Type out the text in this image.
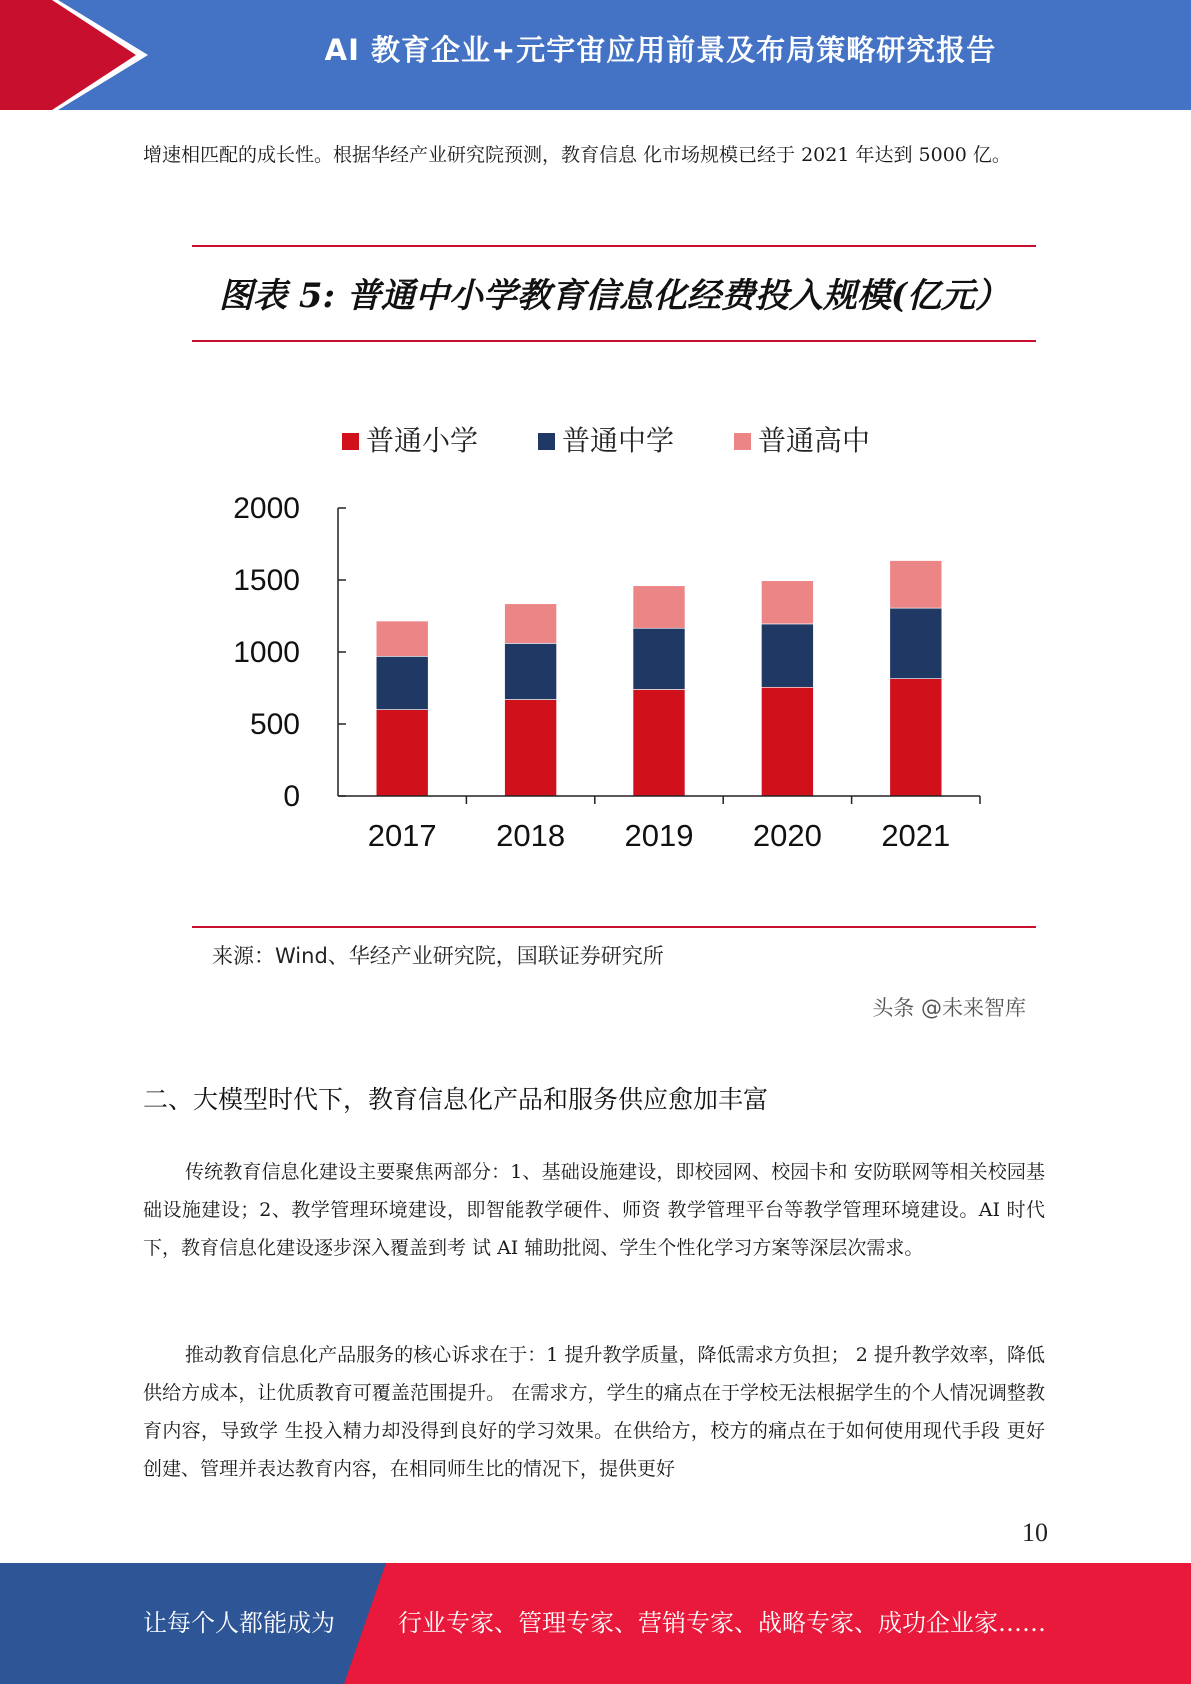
AI 教育企业+元宇宙应用前景及布局策略研究报告

增速相匹配的成长性。根据华经产业研究院预测，教育信息 化市场规模已经于 2021 年达到 5000 亿。

图表 5: 普通中小学教育信息化经费投入规模(亿元）
普通小学	普通中学	普通高中
0
500
1000
1500
2000
2017 2018 2019 2020 2021
来源：Wind、华经产业研究院，国联证券研究所
头条 @未来智库
二、大模型时代下，教育信息化产品和服务供应愈加丰富

传统教育信息化建设主要聚焦两部分：1、基础设施建设，即校园网、校园卡和 安防联网等相关校园基础设施建设；2、教学管理环境建设，即智能教学硬件、师资 教学管理平台等教学管理环境建设。AI 时代下，教育信息化建设逐步深入覆盖到考 试 AI 辅助批阅、学生个性化学习方案等深层次需求。

推动教育信息化产品服务的核心诉求在于：1 提升教学质量，降低需求方负担； 2 提升教学效率，降低供给方成本，让优质教育可覆盖范围提升。 在需求方，学生的痛点在于学校无法根据学生的个人情况调整教育内容，导致学 生投入精力却没得到良好的学习效果。在供给方，校方的痛点在于如何使用现代手段 更好创建、管理并表达教育内容，在相同师生比的情况下，提供更好

10
让每个人都能成为	行业专家、管理专家、营销专家、战略专家、成功企业家……
